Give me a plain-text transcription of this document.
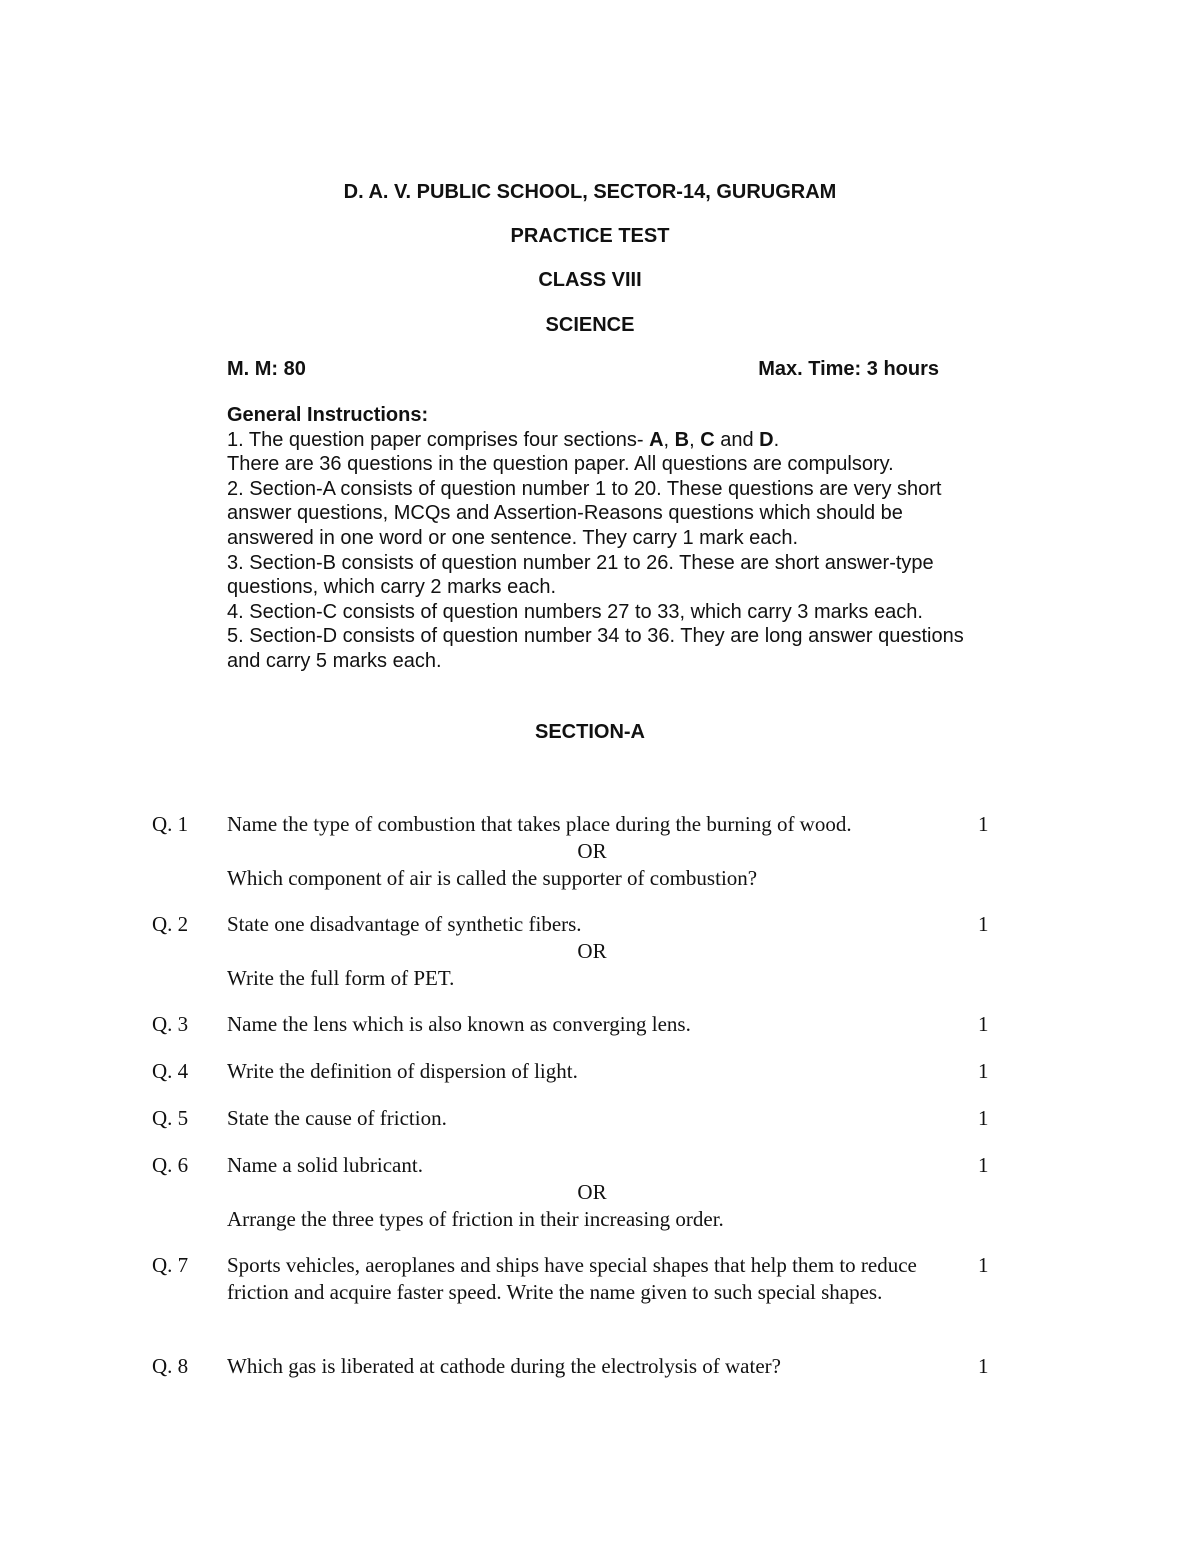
D. A. V. PUBLIC SCHOOL, SECTOR-14, GURUGRAM
PRACTICE TEST
CLASS VIII
SCIENCE
M. M: 80	Max. Time: 3 hours

General Instructions:

1. The question paper comprises four sections- A, B, C and D.

There are 36 questions in the question paper. All questions are compulsory.

2. Section-A consists of question number 1 to 20. These questions are very short answer questions, MCQs and Assertion-Reasons questions which should be answered in one word or one sentence. They carry 1 mark each.

3. Section-B consists of question number 21 to 26. These are short answer-type questions, which carry 2 marks each.

4. Section-C consists of question numbers 27 to 33, which carry 3 marks each.

5. Section-D consists of question number 34 to 36. They are long answer questions and carry 5 marks each.

SECTION-A
Q. 1 Name the type of combustion that takes place during the burning of wood.
OR
Which component of air is called the supporter of combustion?
1
Q. 2 State one disadvantage of synthetic fibers.
OR
Write the full form of PET.
1
Q. 3 Name the lens which is also known as converging lens.	1
Q. 4 Write the definition of dispersion of light.	1
Q. 5 State the cause of friction.	1
Q. 6 Name a solid lubricant.
OR
Arrange the three types of friction in their increasing order.
1
Q. 7 Sports vehicles, aeroplanes and ships have special shapes that help them to reduce friction and acquire faster speed. Write the name given to such special shapes.
1
Q. 8 Which gas is liberated at cathode during the electrolysis of water?	1
